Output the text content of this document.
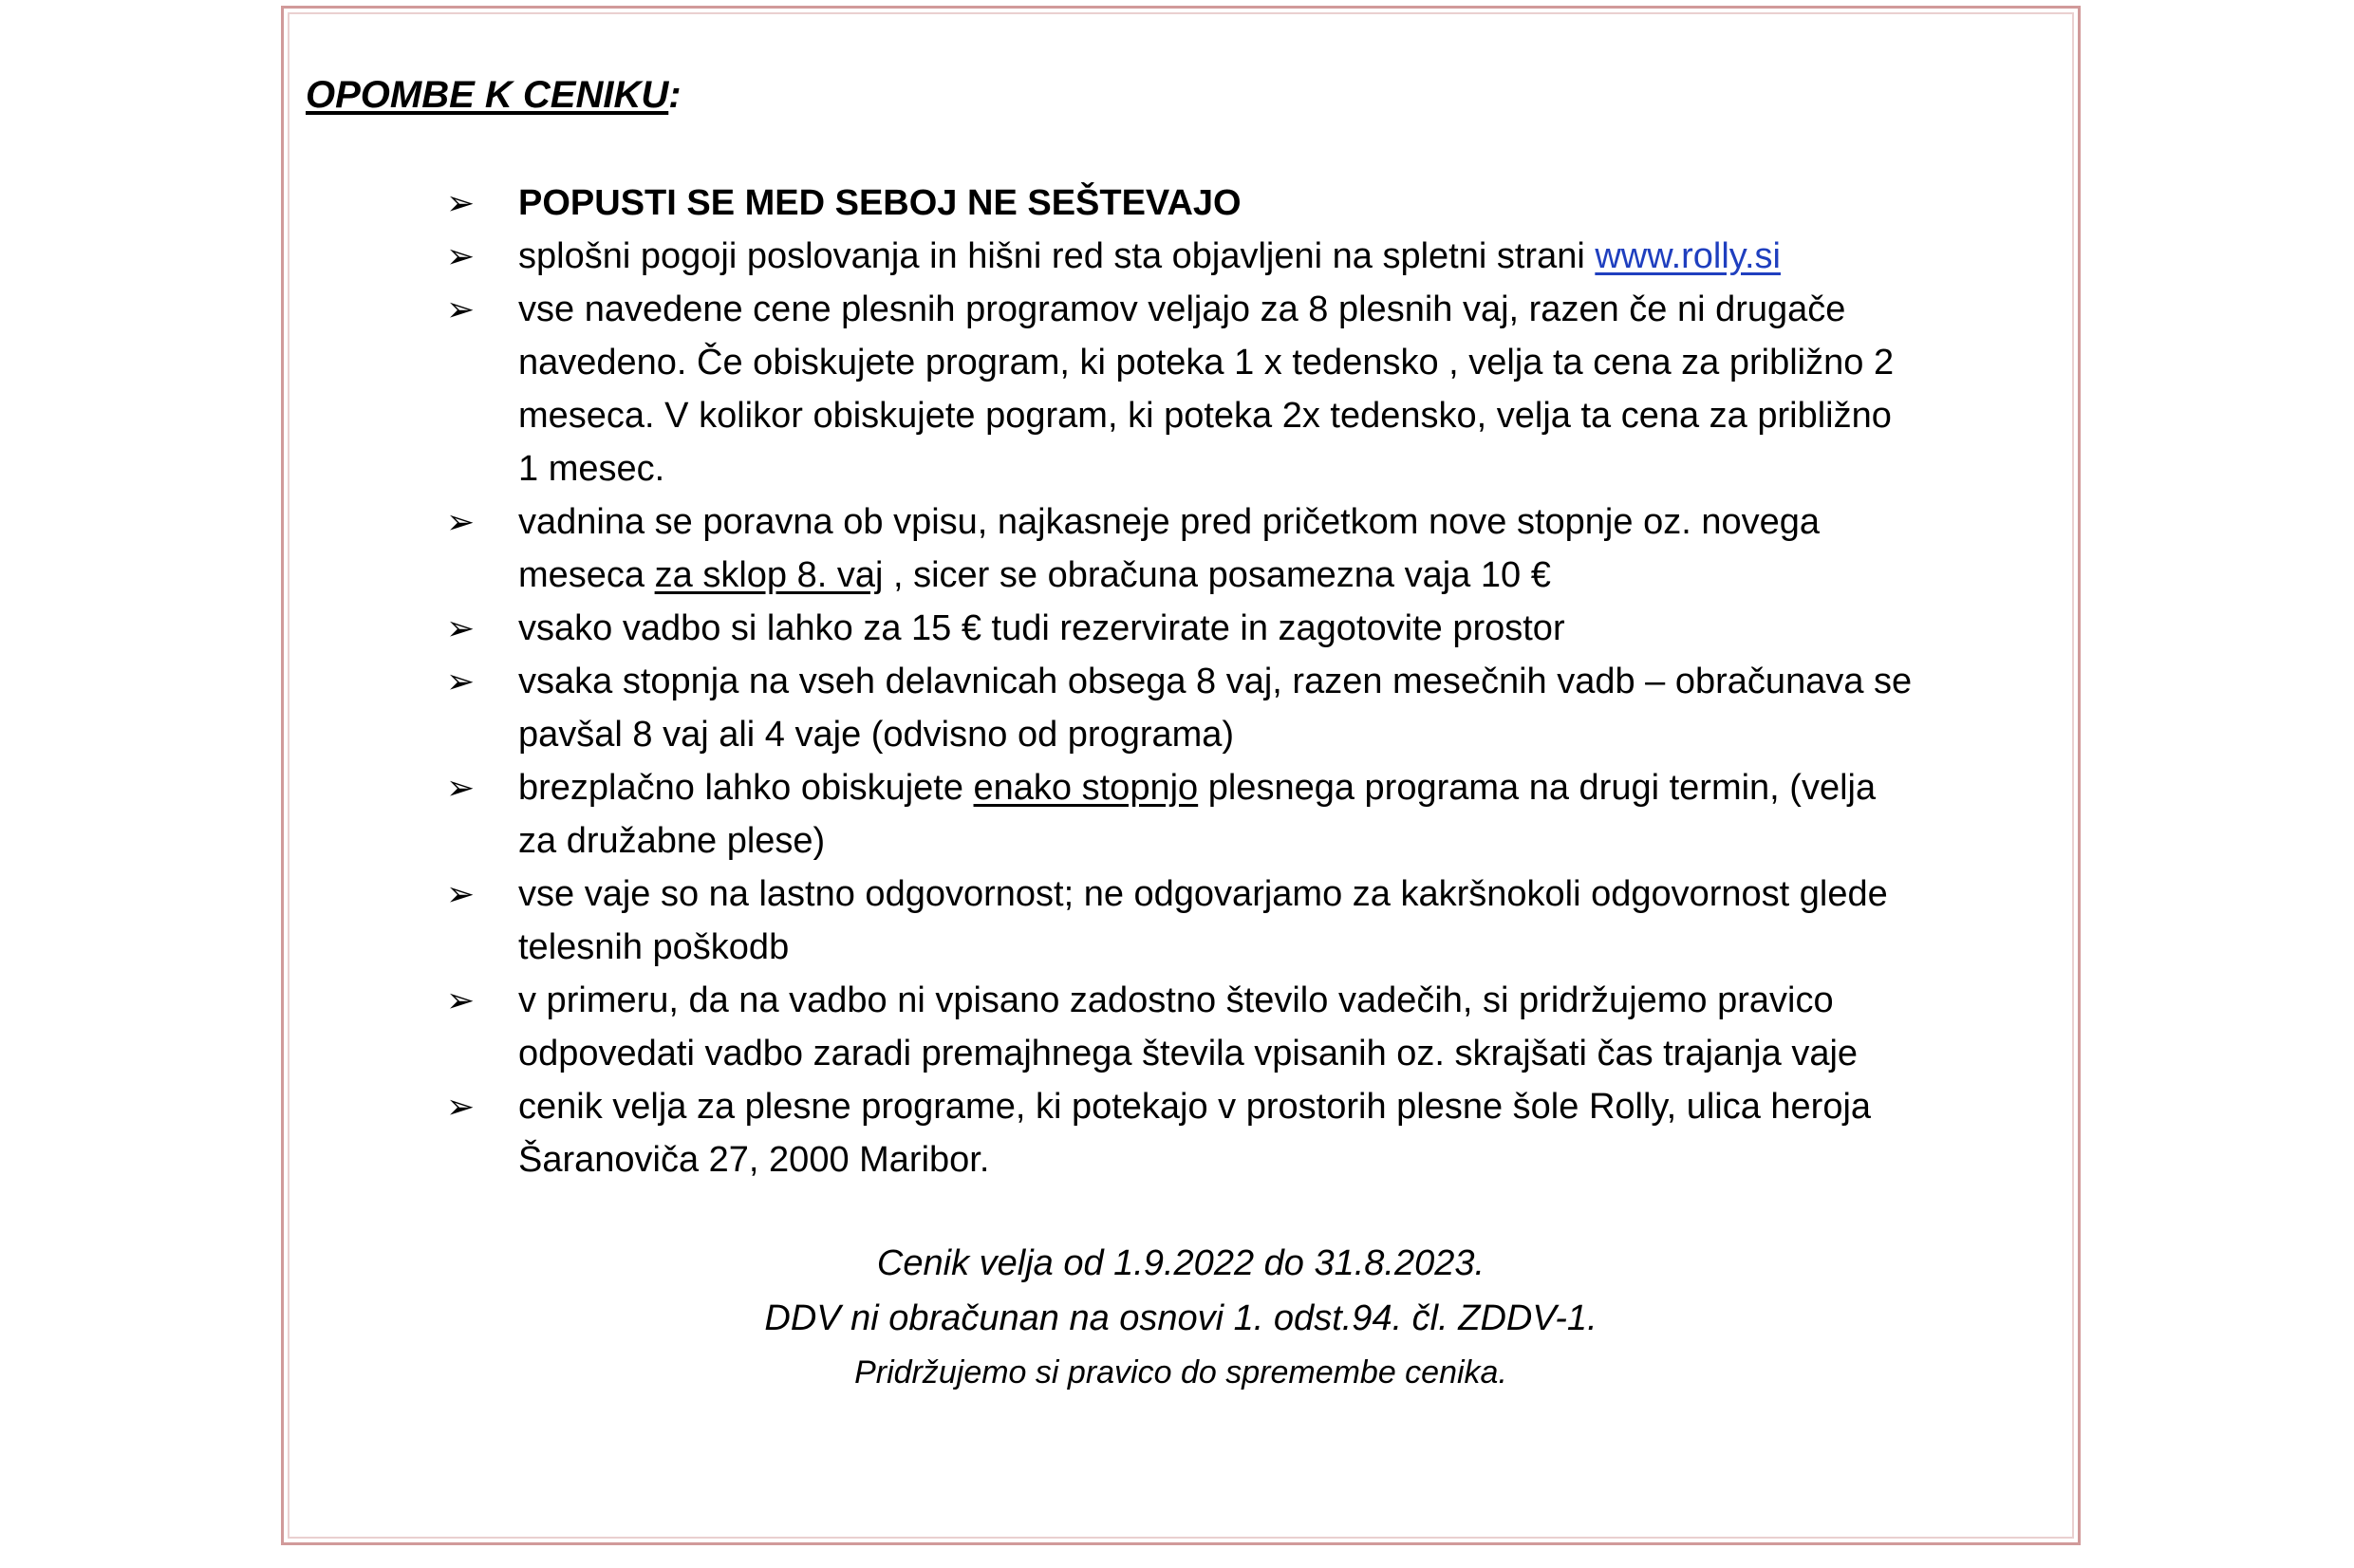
OPOMBE K CENIKU:
➢ POPUSTI SE MED SEBOJ NE SEŠTEVAJO
➢ splošni pogoji poslovanja in hišni red sta objavljeni na spletni strani www.rolly.si
➢ vse navedene cene plesnih programov veljajo za 8 plesnih vaj, razen če ni drugače
navedeno. Če obiskujete program, ki poteka 1 x tedensko , velja ta cena za približno 2
meseca. V kolikor obiskujete pogram, ki poteka 2x tedensko, velja ta cena za približno
1 mesec.
➢ vadnina se poravna ob vpisu, najkasneje pred pričetkom nove stopnje oz. novega
meseca za sklop 8. vaj , sicer se obračuna posamezna vaja 10 €
➢ vsako vadbo si lahko za 15 € tudi rezervirate in zagotovite prostor
➢ vsaka stopnja na vseh delavnicah obsega 8 vaj, razen mesečnih vadb – obračunava se
pavšal 8 vaj ali 4 vaje (odvisno od programa)
➢ brezplačno lahko obiskujete enako stopnjo plesnega programa na drugi termin, (velja
za družabne plese)
➢ vse vaje so na lastno odgovornost; ne odgovarjamo za kakršnokoli odgovornost glede
telesnih poškodb
➢ v primeru, da na vadbo ni vpisano zadostno število vadečih, si pridržujemo pravico
odpovedati vadbo zaradi premajhnega števila vpisanih oz. skrajšati čas trajanja vaje
➢ cenik velja za plesne programe, ki potekajo v prostorih plesne šole Rolly, ulica heroja
Šaranoviča 27, 2000 Maribor.
Cenik velja od 1.9.2022 do 31.8.2023.
DDV ni obračunan na osnovi 1. odst.94. čl. ZDDV-1.
Pridržujemo si pravico do spremembe cenika.
